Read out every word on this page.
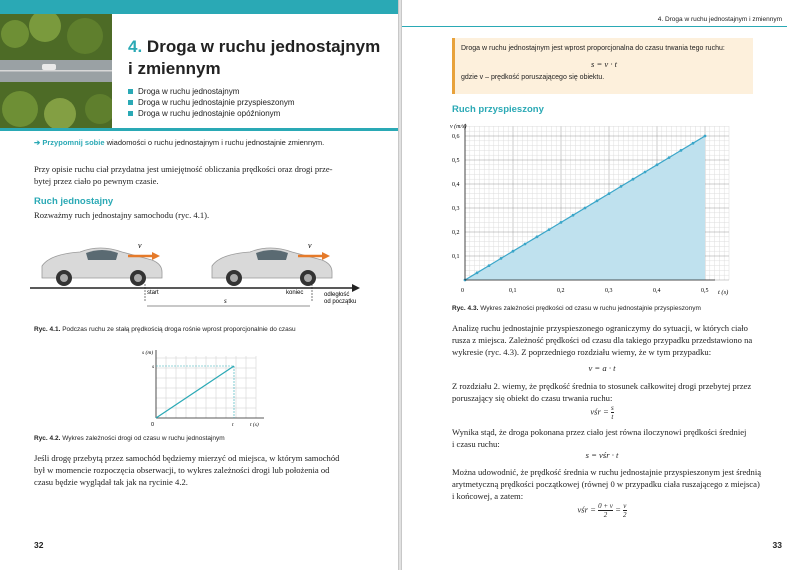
4. Droga w ruchu jednostajnym
i zmiennym
Droga w ruchu jednostajnym
Droga w ruchu jednostajnie przyspieszonym
Droga w ruchu jednostajnie opóźnionym
➔ Przypomnij sobie wiadomości o ruchu jednostajnym i ruchu jednostajnie zmiennym.
Przy opisie ruchu ciał przydatna jest umiejętność obliczania prędkości oraz drogi prze-
bytej przez ciało po pewnym czasie.
Ruch jednostajny
Rozważmy ruch jednostajny samochodu (ryc. 4.1).
v	v
start	koniec
s
odległość
od początku
Ryc. 4.1. Podczas ruchu ze stałą prędkością droga rośnie wprost proporcjonalnie do czasu
s (m)
s
t	t (s)
0
Ryc. 4.2. Wykres zależności drogi od czasu w ruchu jednostajnym
Jeśli drogę przebytą przez samochód będziemy mierzyć od miejsca, w którym samochód
był w momencie rozpoczęcia obserwacji, to wykres zależności drogi lub położenia od
czasu będzie wyglądał tak jak na rycinie 4.2.
32
4. Droga w ruchu jednostajnym i zmiennym
33
Droga w ruchu jednostajnym jest wprost proporcjonalna do czasu trwania tego ruchu:
s = v · t
gdzie v – prędkość poruszającego się obiektu.
Ruch przyspieszony
0	0,1	0,2	0,3	0,4	0,5
0,1
0,2
0,3
0,4
0,5
0,6
t (s)
v (m/s)
Ryc. 4.3. Wykres zależności prędkości od czasu w ruchu jednostajnie przyspieszonym
Analizę ruchu jednostajnie przyspieszonego ograniczymy do sytuacji, w których ciało
rusza z miejsca. Zależność prędkości od czasu dla takiego przypadku przedstawiono na
wykresie (ryc. 4.3). Z poprzedniego rozdziału wiemy, że w tym przypadku:
v = a · t
Z rozdziału 2. wiemy, że prędkość średnia to stosunek całkowitej drogi przebytej przez
poruszający się obiekt do czasu trwania ruchu:
vśr = $\frac{s}{t}$
Wynika stąd, że droga pokonana przez ciało jest równa iloczynowi prędkości średniej
i czasu ruchu:
s = vśr · t
Można udowodnić, że prędkość średnia w ruchu jednostajnie przyspieszonym jest średnią
arytmetyczną prędkości początkowej (równej 0 w przypadku ciała ruszającego z miejsca)
i końcowej, a zatem:
vśr = $\frac{0 + v}{2} = \frac{v}{2}$
